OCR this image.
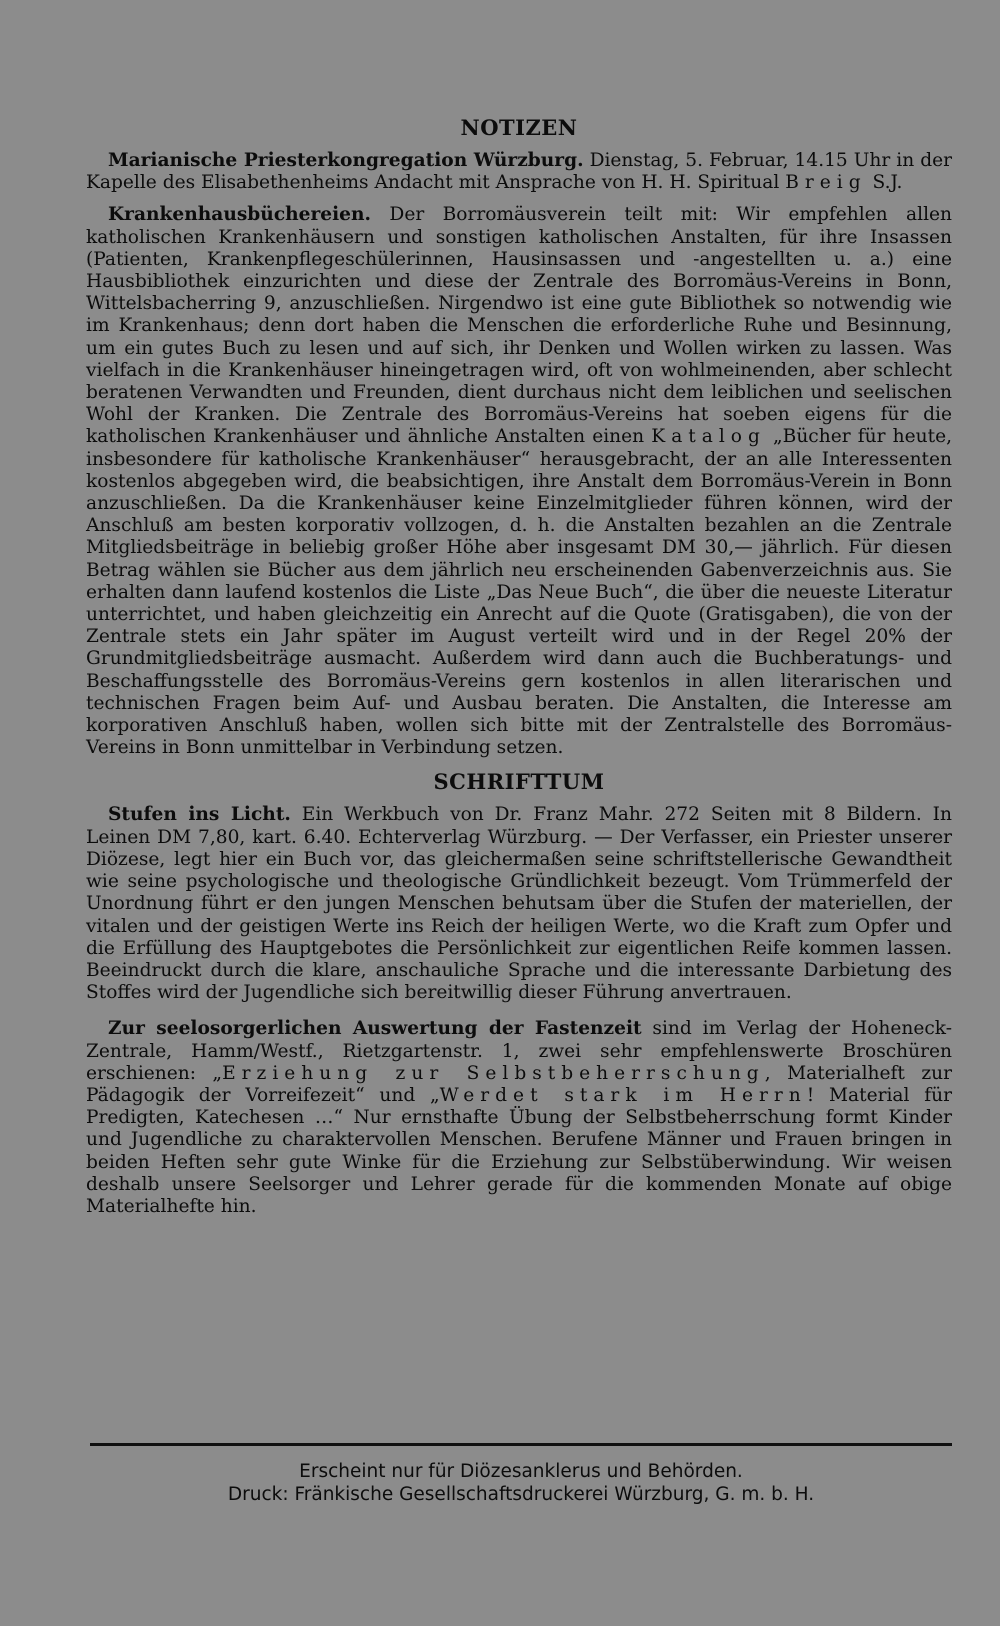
NOTIZEN

Marianische Priesterkongregation Würzburg. Dienstag, 5. Februar, 14.15 Uhr in der Kapelle des Elisabethenheims Andacht mit Ansprache von H. H. Spiritual Breig S.J.

Krankenhausbüchereien. Der Borromäusverein teilt mit: Wir empfehlen allen katholischen Krankenhäusern und sonstigen katholischen Anstalten, für ihre Insassen (Patienten, Krankenpflegeschülerinnen, Hausinsassen und -angestellten u. a.) eine Hausbibliothek einzurichten und diese der Zentrale des Borromäus-Vereins in Bonn, Wittelsbacherring 9, anzuschließen. Nirgendwo ist eine gute Bibliothek so notwendig wie im Krankenhaus; denn dort haben die Menschen die erforderliche Ruhe und Besinnung, um ein gutes Buch zu lesen und auf sich, ihr Denken und Wollen wirken zu lassen. Was vielfach in die Krankenhäuser hineingetragen wird, oft von wohlmeinenden, aber schlecht beratenen Verwandten und Freunden, dient durchaus nicht dem leiblichen und seelischen Wohl der Kranken. Die Zentrale des Borromäus-Vereins hat soeben eigens für die katholischen Krankenhäuser und ähnliche Anstalten einen Katalog „Bücher für heute, insbesondere für katholische Krankenhäuser“ herausgebracht, der an alle Interessenten kostenlos abgegeben wird, die beabsichtigen, ihre Anstalt dem Borromäus-Verein in Bonn anzuschließen. Da die Krankenhäuser keine Einzelmitglieder führen können, wird der Anschluß am besten korporativ vollzogen, d. h. die Anstalten bezahlen an die Zentrale Mitgliedsbeiträge in beliebig großer Höhe aber insgesamt DM 30,— jährlich. Für diesen Betrag wählen sie Bücher aus dem jährlich neu erscheinenden Gabenverzeichnis aus. Sie erhalten dann laufend kostenlos die Liste „Das Neue Buch“, die über die neueste Literatur unterrichtet, und haben gleichzeitig ein Anrecht auf die Quote (Gratisgaben), die von der Zentrale stets ein Jahr später im August verteilt wird und in der Regel 20% der Grundmitgliedsbeiträge ausmacht. Außerdem wird dann auch die Buchberatungs- und Beschaffungsstelle des Borromäus-Vereins gern kostenlos in allen literarischen und technischen Fragen beim Auf- und Ausbau beraten. Die Anstalten, die Interesse am korporativen Anschluß haben, wollen sich bitte mit der Zentralstelle des Borromäus-Vereins in Bonn unmittelbar in Verbindung setzen.

SCHRIFTTUM

Stufen ins Licht. Ein Werkbuch von Dr. Franz Mahr. 272 Seiten mit 8 Bildern. In Leinen DM 7,80, kart. 6.40. Echterverlag Würzburg. — Der Verfasser, ein Priester unserer Diözese, legt hier ein Buch vor, das gleichermaßen seine schriftstellerische Gewandtheit wie seine psychologische und theologische Gründlichkeit bezeugt. Vom Trümmerfeld der Unordnung führt er den jungen Menschen behutsam über die Stufen der materiellen, der vitalen und der geistigen Werte ins Reich der heiligen Werte, wo die Kraft zum Opfer und die Erfüllung des Hauptgebotes die Persönlichkeit zur eigentlichen Reife kommen lassen. Beeindruckt durch die klare, anschauliche Sprache und die interessante Darbietung des Stoffes wird der Jugendliche sich bereitwillig dieser Führung anvertrauen.

Zur seelosorgerlichen Auswertung der Fastenzeit sind im Verlag der Hoheneck-Zentrale, Hamm/Westf., Rietzgartenstr. 1, zwei sehr empfehlenswerte Broschüren erschienen: „Erziehung zur Selbstbeherrschung, Materialheft zur Pädagogik der Vorreifezeit“ und „Werdet stark im Herrn! Material für Predigten, Katechesen …“ Nur ernsthafte Übung der Selbstbeherrschung formt Kinder und Jugendliche zu charaktervollen Menschen. Berufene Männer und Frauen bringen in beiden Heften sehr gute Winke für die Erziehung zur Selbstüberwindung. Wir weisen deshalb unsere Seelsorger und Lehrer gerade für die kommenden Monate auf obige Materialhefte hin.

Erscheint nur für Diözesanklerus und Behörden.
Druck: Fränkische Gesellschaftsdruckerei Würzburg, G. m. b. H.
